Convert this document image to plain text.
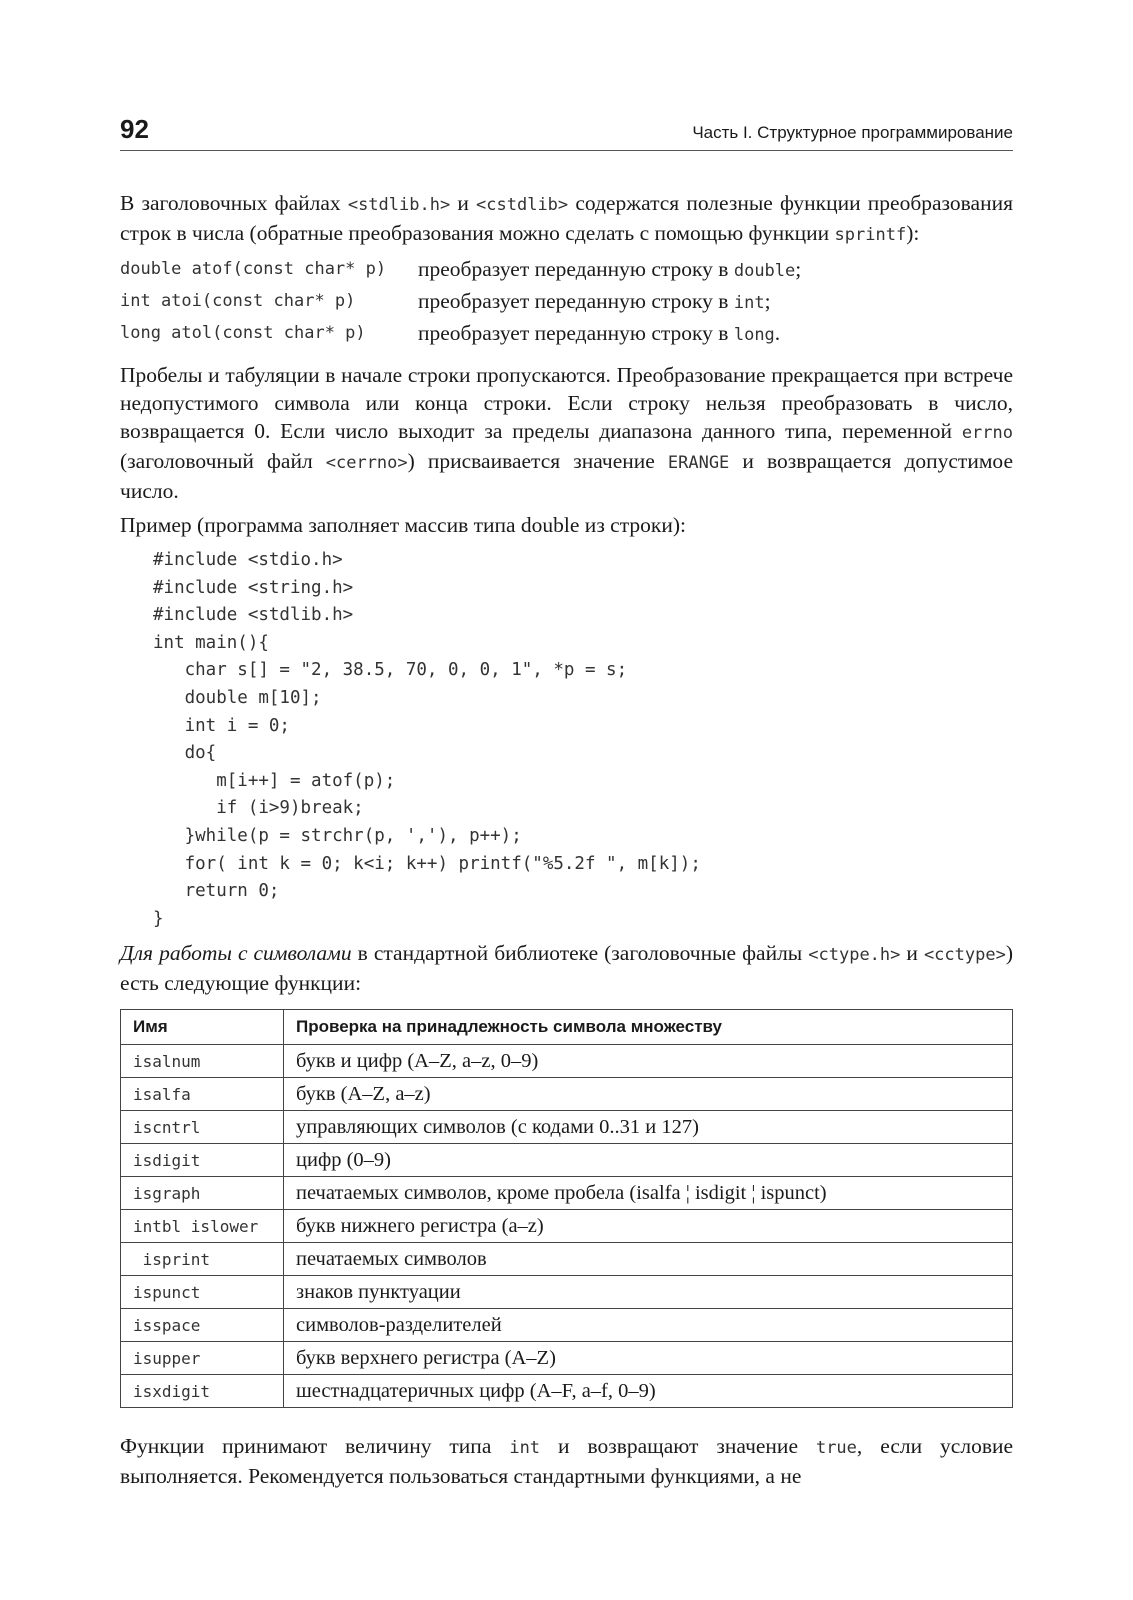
92	Часть I. Структурное программирование

В заголовочных файлах <stdlib.h> и <cstdlib> содержатся полезные функции преобразования строк в числа (обратные преобразования можно сделать с помощью функции sprintf):

double atof(const char* p)	преобразует переданную строку в double;
int atoi(const char* p)	преобразует переданную строку в int;
long atol(const char* p)	преобразует переданную строку в long.

Пробелы и табуляции в начале строки пропускаются. Преобразование прекращается при встрече недопустимого символа или конца строки. Если строку нельзя преобразовать в число, возвращается 0. Если число выходит за пределы диапазона данного типа, переменной errno (заголовочный файл <cerrno>) присваивается значение ERANGE и возвращается допустимое число.

Пример (программа заполняет массив типа double из строки):

#include <stdio.h>
#include <string.h>
#include <stdlib.h>
int main(){
char s[] = "2, 38.5, 70, 0, 0, 1", *p = s;
double m[10];
int i = 0;
do{
m[i++] = atof(p);
if (i>9)break;
}while(p = strchr(p, ','), p++);
for( int k = 0; k<i; k++) printf("%5.2f ", m[k]);
return 0;
}

Для работы с символами в стандартной библиотеке (заголовочные файлы <ctype.h> и <cctype>) есть следующие функции:

Имя	Проверка на принадлежность символа множеству
isalnum	букв и цифр (A–Z, a–z, 0–9)
isalfa	букв (A–Z, a–z)
iscntrl	управляющих символов (с кодами 0..31 и 127)
isdigit	цифр (0–9)
isgraph	печатаемых символов, кроме пробела (isalfa ¦ isdigit ¦ ispunct)
intbl islower	букв нижнего регистра (a–z)
isprint	печатаемых символов
ispunct	знаков пунктуации
isspace	символов-разделителей
isupper	букв верхнего регистра (A–Z)
isxdigit	шестнадцатеричных цифр (A–F, a–f, 0–9)

Функции принимают величину типа int и возвращают значение true, если условие выполняется. Рекомендуется пользоваться стандартными функциями, а не
